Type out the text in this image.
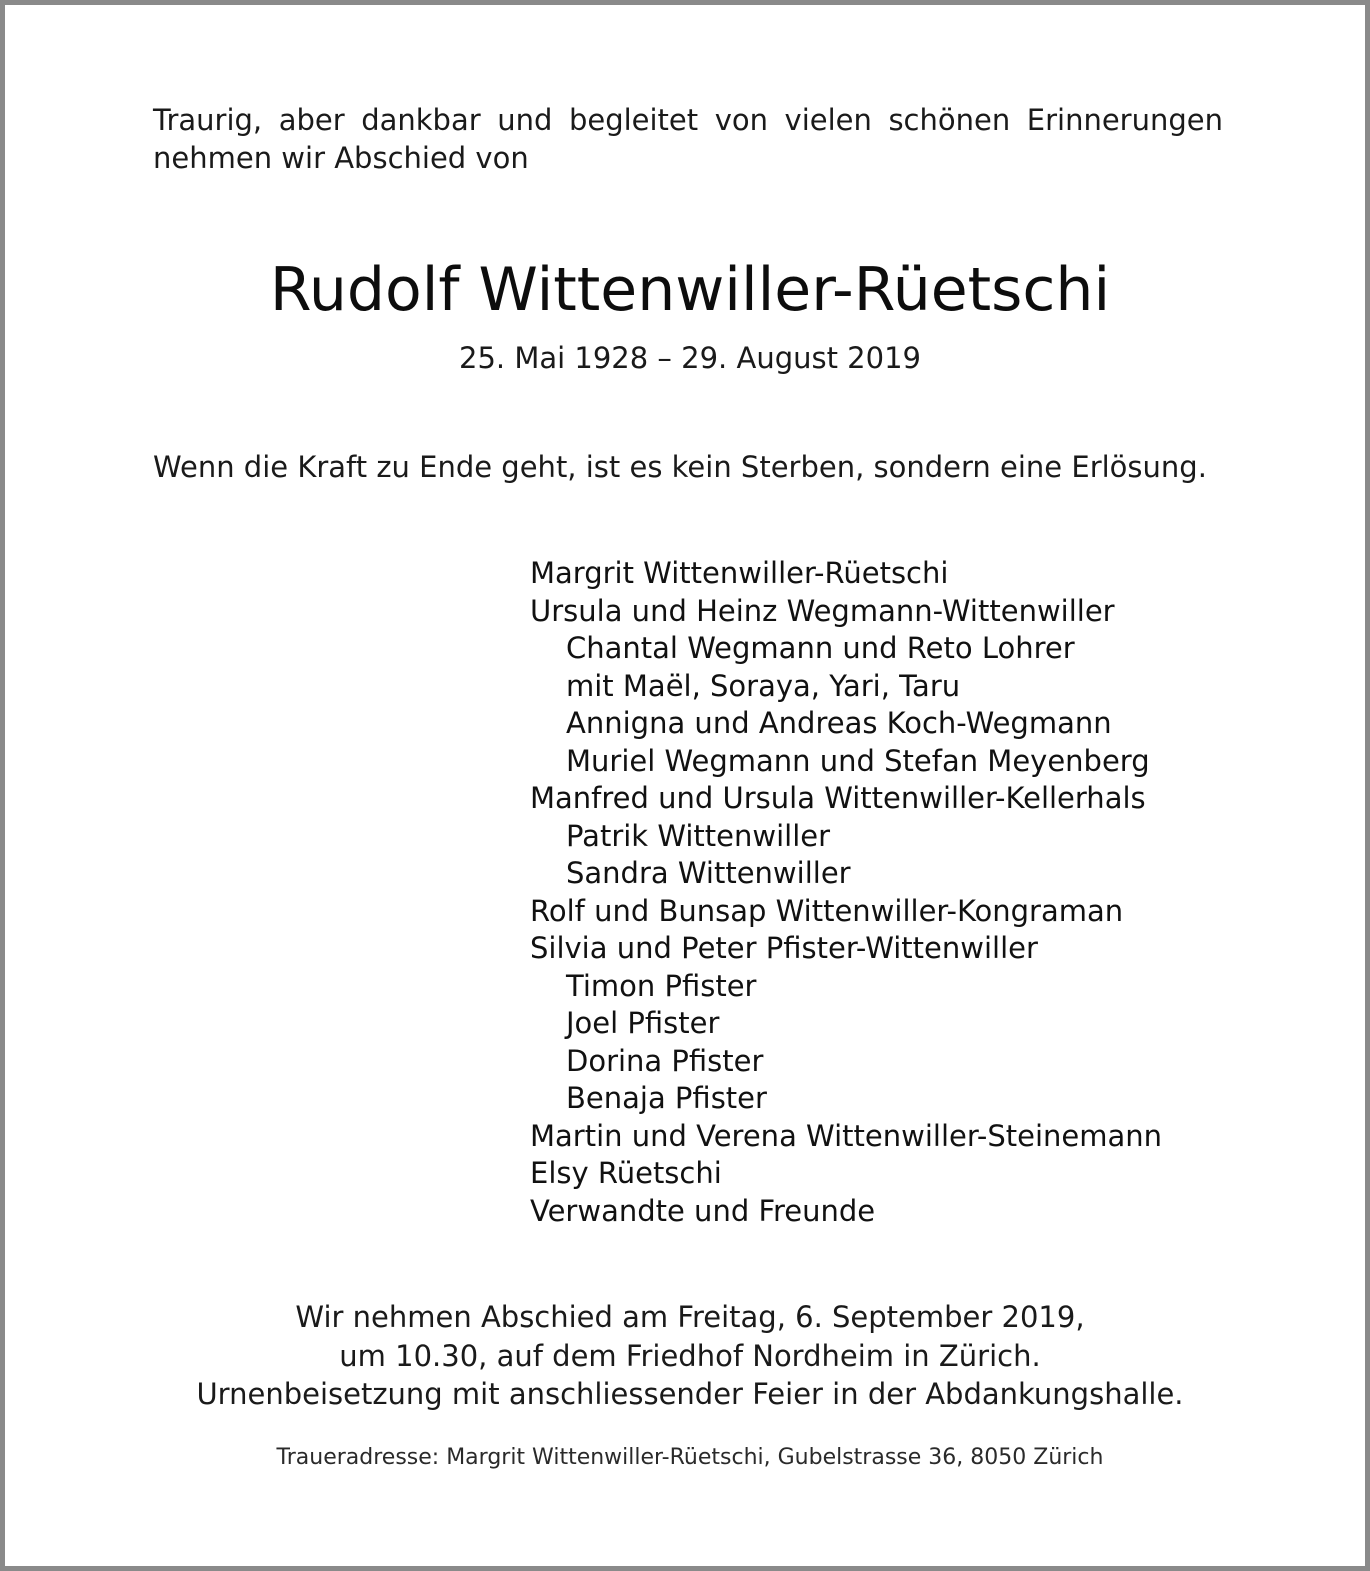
Traurig, aber dankbar und begleitet von vielen schönen Erinnerungen
nehmen wir Abschied von
Rudolf Wittenwiller-Rüetschi
25. Mai 1928 – 29. August 2019
Wenn die Kraft zu Ende geht, ist es kein Sterben, sondern eine Erlösung.
Margrit Wittenwiller-Rüetschi
Ursula und Heinz Wegmann-Wittenwiller
Chantal Wegmann und Reto Lohrer
mit Maël, Soraya, Yari, Taru
Annigna und Andreas Koch-Wegmann
Muriel Wegmann und Stefan Meyenberg
Manfred und Ursula Wittenwiller-Kellerhals
Patrik Wittenwiller
Sandra Wittenwiller
Rolf und Bunsap Wittenwiller-Kongraman
Silvia und Peter Pfister-Wittenwiller
Timon Pfister
Joel Pfister
Dorina Pfister
Benaja Pfister
Martin und Verena Wittenwiller-Steinemann
Elsy Rüetschi
Verwandte und Freunde
Wir nehmen Abschied am Freitag, 6. September 2019,
um 10.30, auf dem Friedhof Nordheim in Zürich.
Urnenbeisetzung mit anschliessender Feier in der Abdankungshalle.
Traueradresse: Margrit Wittenwiller-Rüetschi, Gubelstrasse 36, 8050 Zürich
